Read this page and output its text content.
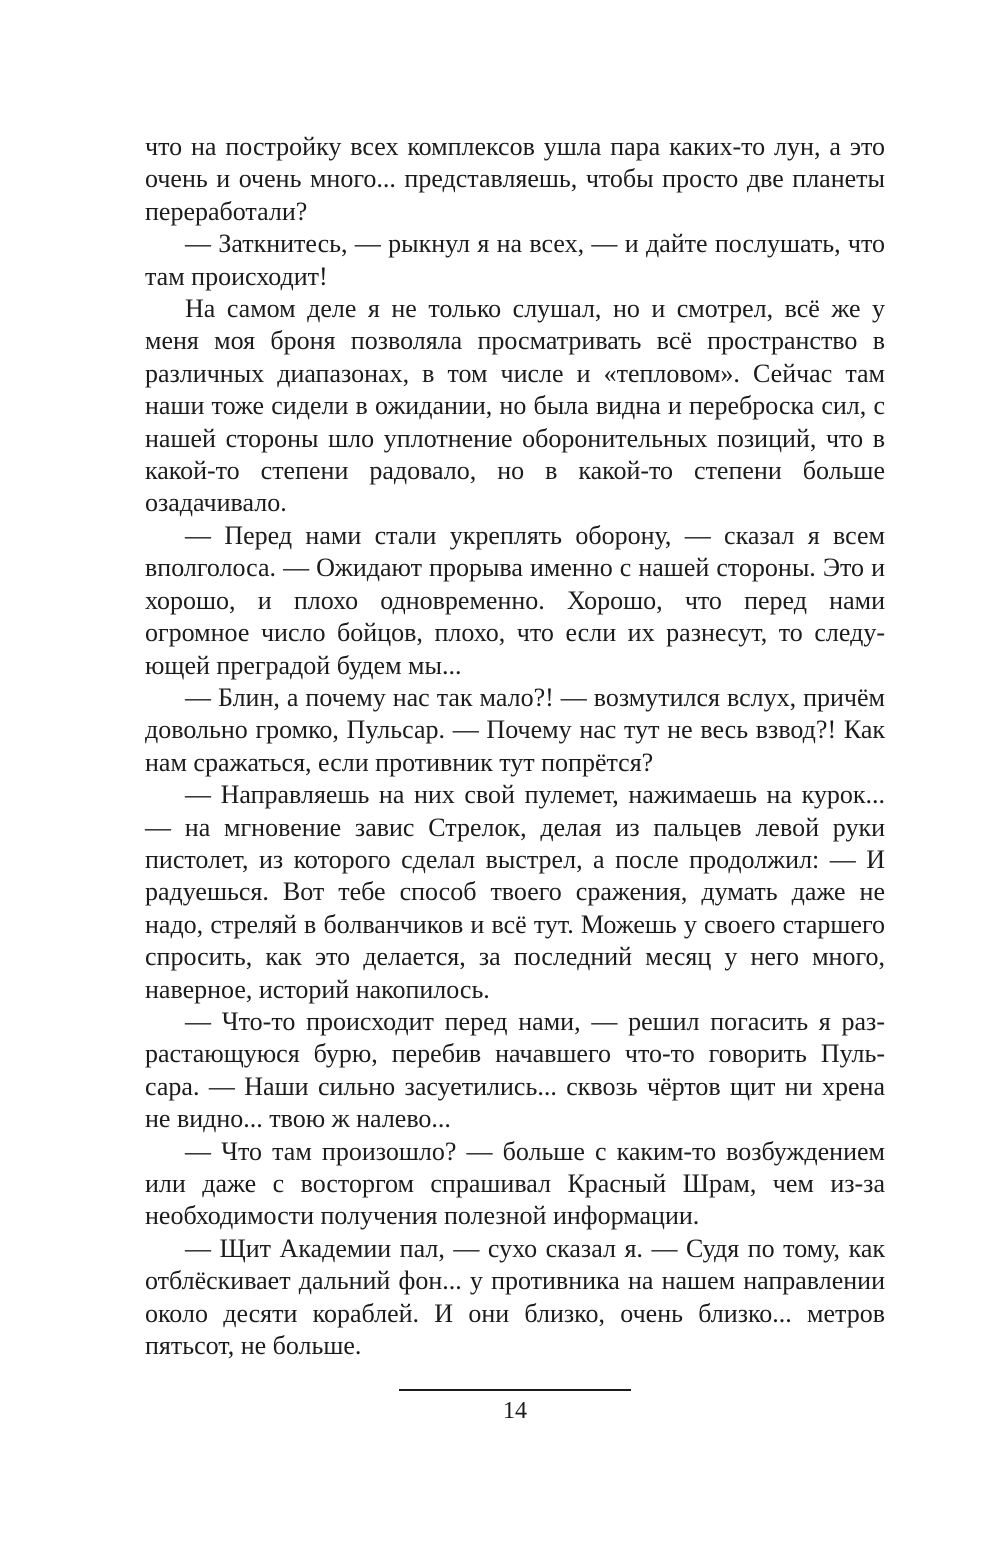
что на постройку всех комплексов ушла пара каких-то лун, а это очень и очень много... представляешь, чтобы просто две планеты переработали?

— Заткнитесь, — рыкнул я на всех, — и дайте послушать, что там происходит!

На самом деле я не только слушал, но и смотрел, всё же у меня моя броня позволяла просматривать всё пространство в различных диапазонах, в том числе и «тепловом». Сейчас там наши тоже сидели в ожидании, но была видна и переброска сил, с нашей стороны шло уплотнение оборонительных позиций, что в какой-то степени радовало, но в какой-то степени больше озадачивало.

— Перед нами стали укреплять оборону, — сказал я всем вполголоса. — Ожидают прорыва именно с нашей стороны. Это и хорошо, и плохо одновременно. Хорошо, что перед нами огромное число бойцов, плохо, что если их разнесут, то следующей преградой будем мы...

— Блин, а почему нас так мало?! — возмутился вслух, причём довольно громко, Пульсар. — Почему нас тут не весь взвод?! Как нам сражаться, если противник тут попрётся?

— Направляешь на них свой пулемет, нажимаешь на курок... — на мгновение завис Стрелок, делая из пальцев левой руки пистолет, из которого сделал выстрел, а после продолжил: — И радуешься. Вот тебе способ твоего сражения, думать даже не надо, стреляй в болванчиков и всё тут. Можешь у своего старшего спросить, как это делается, за последний месяц у него много, наверное, историй накопилось.

— Что-то происходит перед нами, — решил погасить я разрастающуюся бурю, перебив начавшего что-то говорить Пульсара. — Наши сильно засуетились... сквозь чёртов щит ни хрена не видно... твою ж налево...

— Что там произошло? — больше с каким-то возбуждением или даже с восторгом спрашивал Красный Шрам, чем из-за необходимости получения полезной информации.

— Щит Академии пал, — сухо сказал я. — Судя по тому, как отблёскивает дальний фон... у противника на нашем направлении около десяти кораблей. И они близко, очень близко... метров пятьсот, не больше.

14
